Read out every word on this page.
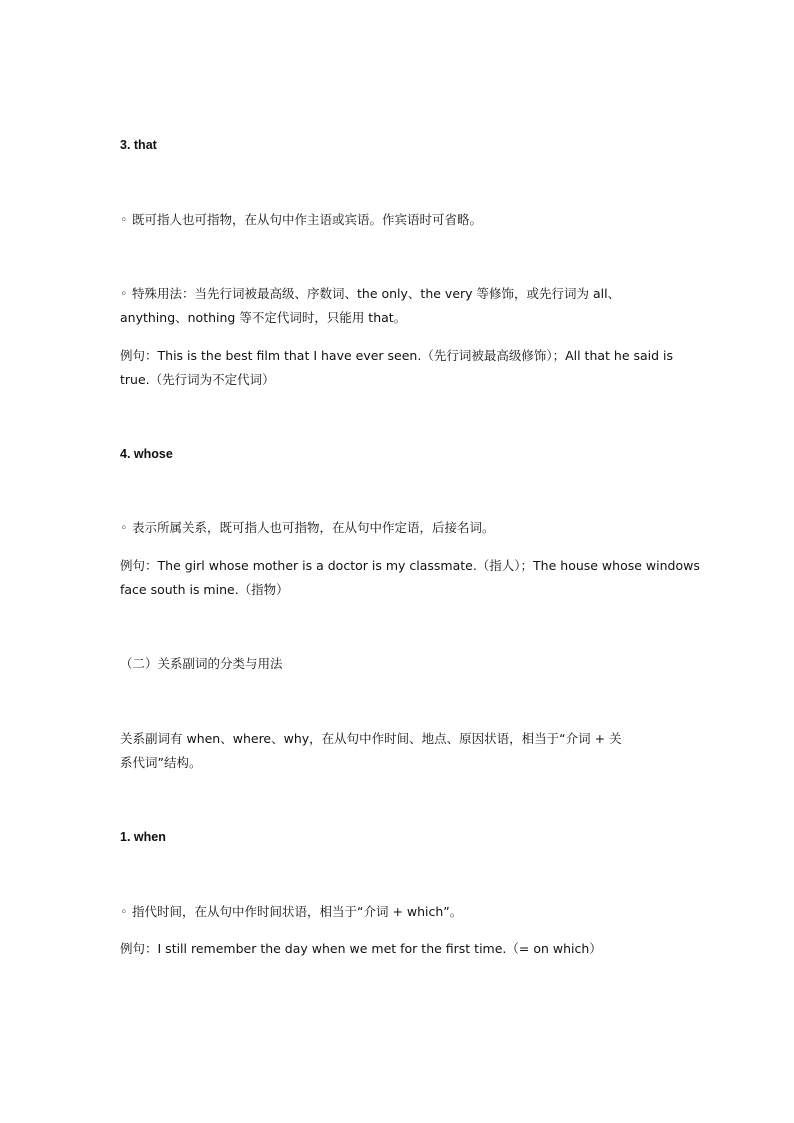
3. that
◦ 既可指人也可指物，在从句中作主语或宾语。作宾语时可省略。
◦ 特殊用法：当先行词被最高级、序数词、the only、the very 等修饰，或先行词为 all、
anything、nothing 等不定代词时，只能用 that。
例句：This is the best film that I have ever seen.（先行词被最高级修饰）；All that he said is
true.（先行词为不定代词）
4. whose
◦ 表示所属关系，既可指人也可指物，在从句中作定语，后接名词。
例句：The girl whose mother is a doctor is my classmate.（指人）；The house whose windows
face south is mine.（指物）
（二）关系副词的分类与用法
关系副词有 when、where、why，在从句中作时间、地点、原因状语，相当于“介词 + 关
系代词”结构。
1. when
◦ 指代时间，在从句中作时间状语，相当于“介词 + which”。
例句：I still remember the day when we met for the first time.（= on which）
